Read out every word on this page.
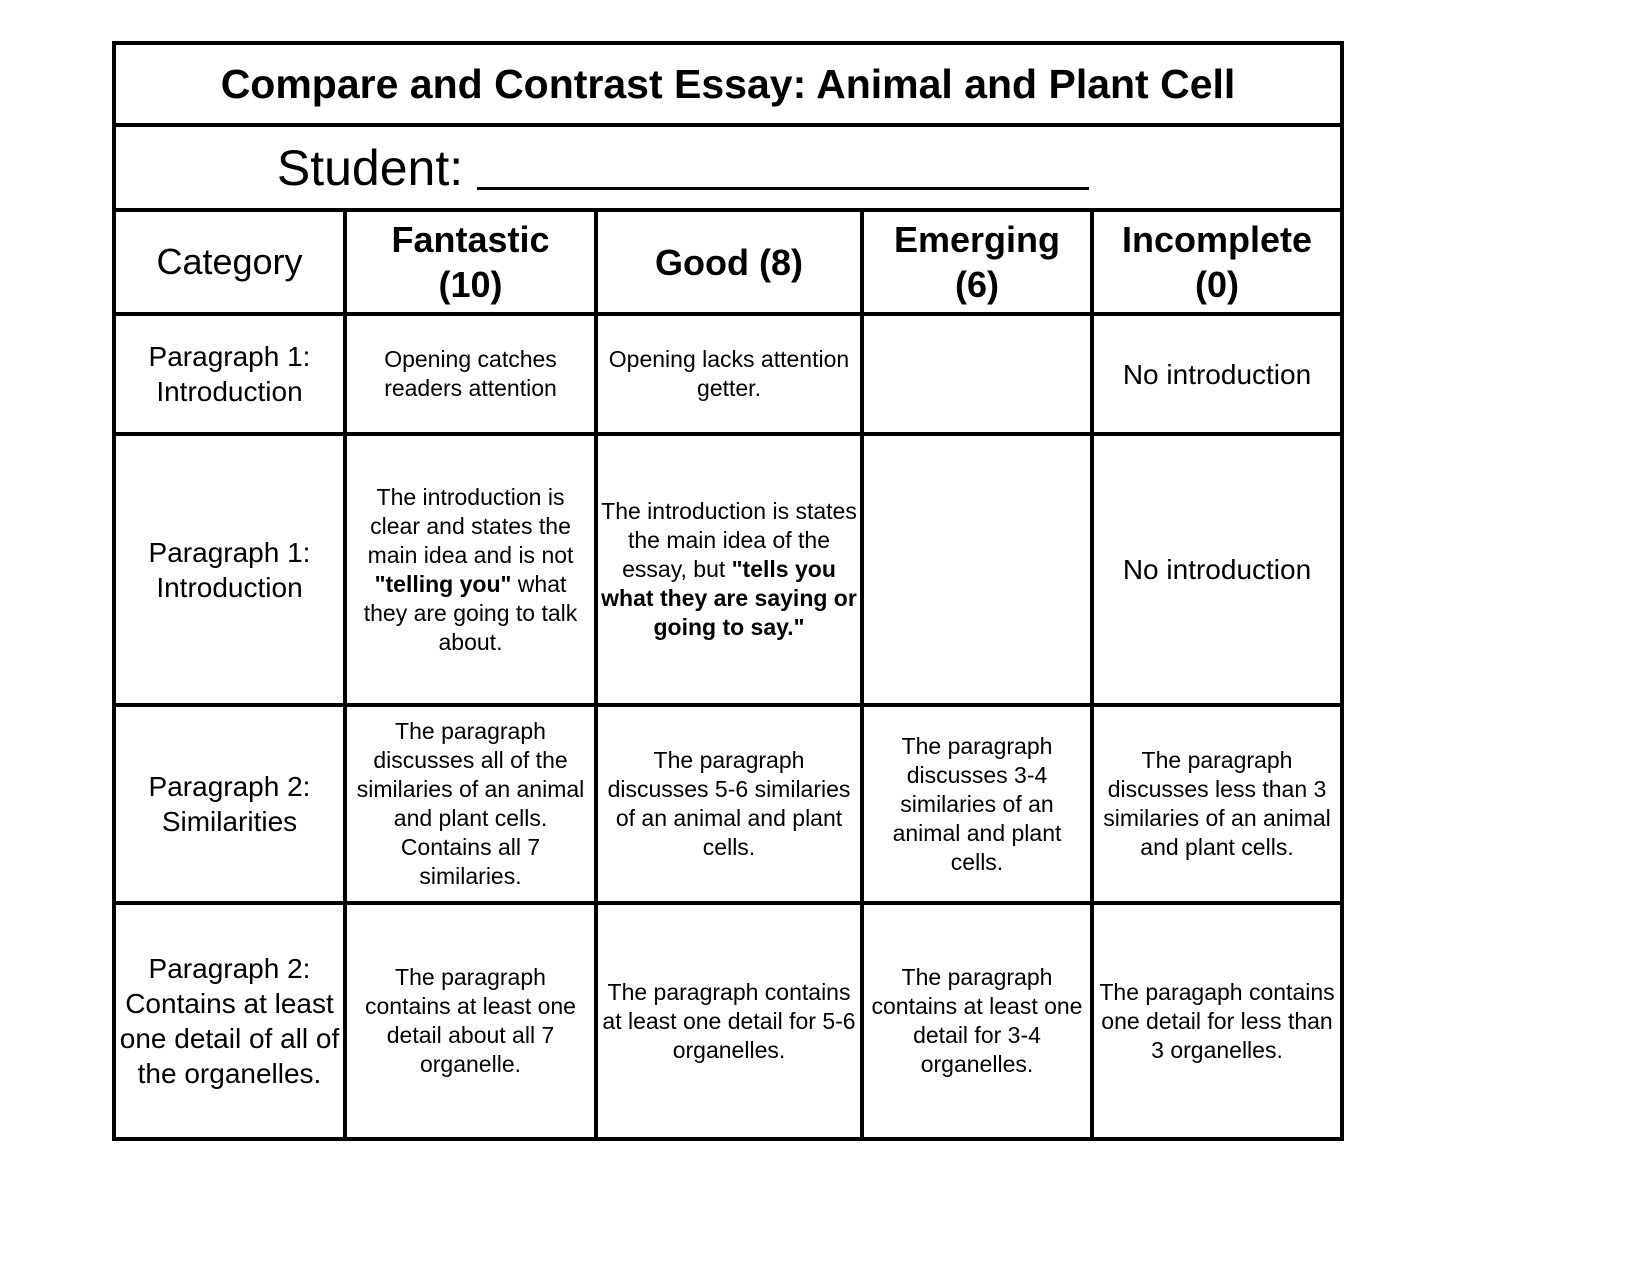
Compare and Contrast Essay: Animal and Plant Cell
Student:
Category
Fantastic (10)
Good (8)
Emerging (6)
Incomplete (0)
Paragraph 1: Introduction
Opening catches readers attention
Opening lacks attention getter.	No introduction
Paragraph 1: Introduction
The introduction is clear and states the main idea and is not "telling you" what they are going to talk about.
The introduction is states the main idea of the essay, but "tells you what they are saying or going to say."
No introduction
Paragraph 2: Similarities
The paragraph discusses all of the similaries of an animal and plant cells. Contains all 7 similaries.
The paragraph discusses 5-6 similaries of an animal and plant cells.
The paragraph discusses 3-4 similaries of an animal and plant cells.
The paragraph discusses less than 3 similaries of an animal and plant cells.
Paragraph 2: Contains at least one detail of all of the organelles.
The paragraph contains at least one detail about all 7 organelle.
The paragraph contains at least one detail for 5-6 organelles.
The paragraph contains at least one detail for 3-4 organelles.
The paragaph contains one detail for less than 3 organelles.
